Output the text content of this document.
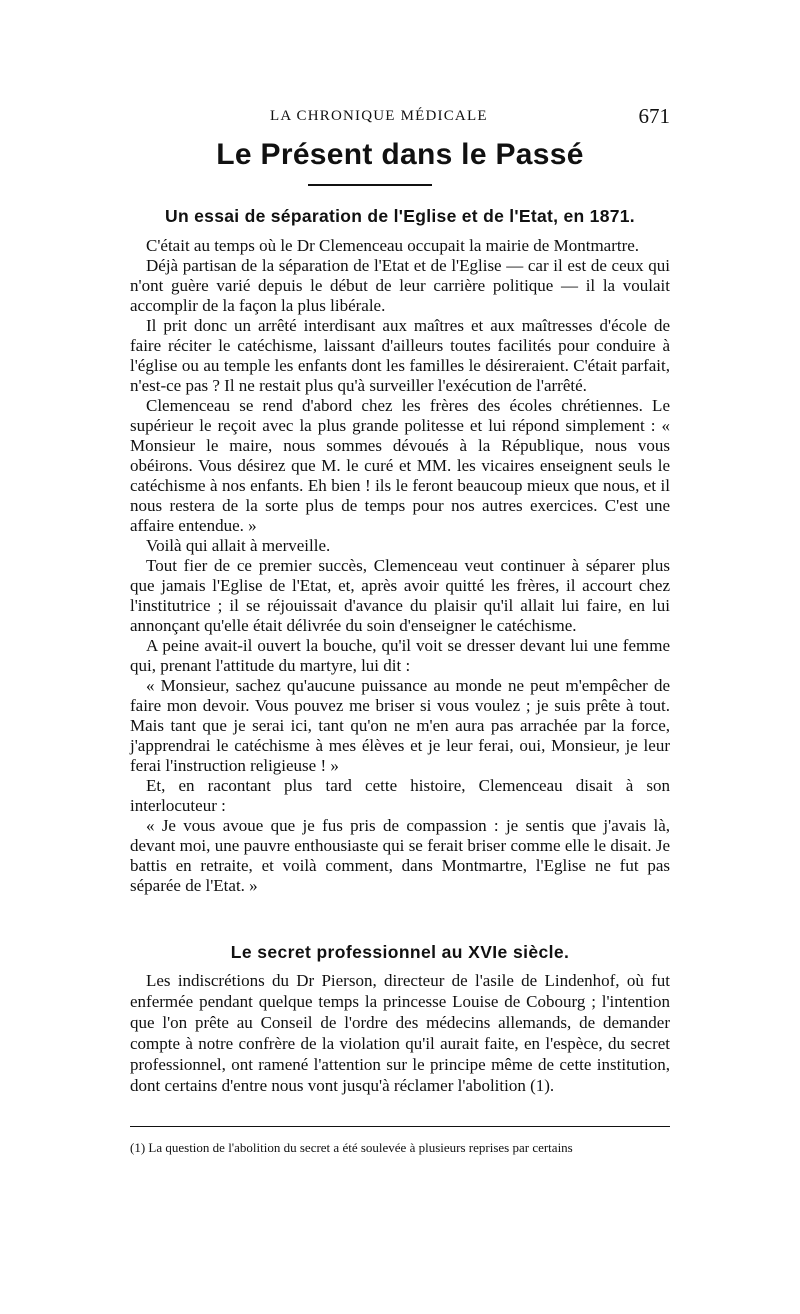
LA CHRONIQUE MÉDICALE	671
Le Présent dans le Passé
Un essai de séparation de l'Eglise et de l'Etat, en 1871.

C'était au temps où le Dr Clemenceau occupait la mairie de Montmartre.

Déjà partisan de la séparation de l'Etat et de l'Eglise — car il est de ceux qui n'ont guère varié depuis le début de leur carrière politique — il la voulait accomplir de la façon la plus libérale.

Il prit donc un arrêté interdisant aux maîtres et aux maîtresses d'école de faire réciter le catéchisme, laissant d'ailleurs toutes facilités pour conduire à l'église ou au temple les enfants dont les familles le désireraient. C'était parfait, n'est-ce pas ? Il ne restait plus qu'à surveiller l'exécution de l'arrêté.

Clemenceau se rend d'abord chez les frères des écoles chrétiennes. Le supérieur le reçoit avec la plus grande politesse et lui répond simplement : « Monsieur le maire, nous sommes dévoués à la République, nous vous obéirons. Vous désirez que M. le curé et MM. les vicaires enseignent seuls le catéchisme à nos enfants. Eh bien ! ils le feront beaucoup mieux que nous, et il nous restera de la sorte plus de temps pour nos autres exercices. C'est une affaire entendue. »

Voilà qui allait à merveille.

Tout fier de ce premier succès, Clemenceau veut continuer à séparer plus que jamais l'Eglise de l'Etat, et, après avoir quitté les frères, il accourt chez l'institutrice ; il se réjouissait d'avance du plaisir qu'il allait lui faire, en lui annonçant qu'elle était délivrée du soin d'enseigner le catéchisme.

A peine avait-il ouvert la bouche, qu'il voit se dresser devant lui une femme qui, prenant l'attitude du martyre, lui dit :

« Monsieur, sachez qu'aucune puissance au monde ne peut m'empêcher de faire mon devoir. Vous pouvez me briser si vous voulez ; je suis prête à tout. Mais tant que je serai ici, tant qu'on ne m'en aura pas arrachée par la force, j'apprendrai le catéchisme à mes élèves et je leur ferai, oui, Monsieur, je leur ferai l'instruction religieuse ! »

Et, en racontant plus tard cette histoire, Clemenceau disait à son interlocuteur :

« Je vous avoue que je fus pris de compassion : je sentis que j'avais là, devant moi, une pauvre enthousiaste qui se ferait briser comme elle le disait. Je battis en retraite, et voilà comment, dans Montmartre, l'Eglise ne fut pas séparée de l'Etat. »

Le secret professionnel au XVIe siècle.

Les indiscrétions du Dr Pierson, directeur de l'asile de Lindenhof, où fut enfermée pendant quelque temps la princesse Louise de Cobourg ; l'intention que l'on prête au Conseil de l'ordre des médecins allemands, de demander compte à notre confrère de la violation qu'il aurait faite, en l'espèce, du secret professionnel, ont ramené l'attention sur le principe même de cette institution, dont certains d'entre nous vont jusqu'à réclamer l'abolition (1).

(1) La question de l'abolition du secret a été soulevée à plusieurs reprises par certains
